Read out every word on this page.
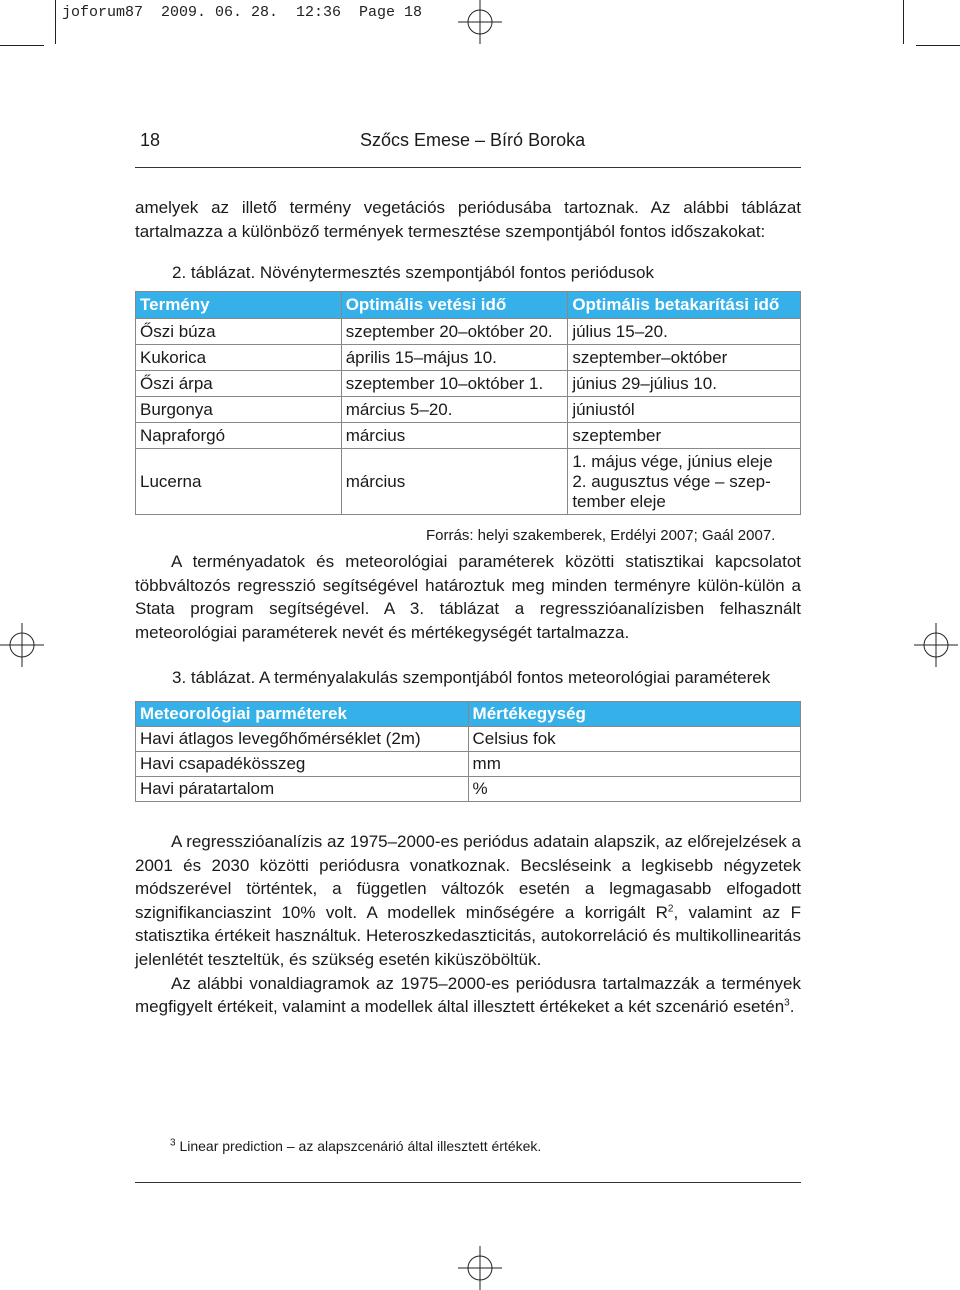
joforum87  2009. 06. 28.  12:36  Page 18
18	Szőcs Emese – Bíró Boroka

amelyek az illető termény vegetációs periódusába tartoznak. Az alábbi táblázat tartalmazza a különböző termények termesztése szempontjából fontos időszakokat:

2. táblázat. Növénytermesztés szempontjából fontos periódusok
Termény	Optimális vetési idő	Optimális betakarítási idő
Őszi búza	szeptember 20–október 20.	július 15–20.
Kukorica	április 15–május 10.	szeptember–október
Őszi árpa	szeptember 10–október 1.	június 29–július 10.
Burgonya	március 5–20.	júniustól
Napraforgó	március	szeptember
Lucerna	március	1. május vége, június eleje
2. augusztus vége – szep-
tember eleje
Forrás: helyi szakemberek, Erdélyi 2007; Gaál 2007.

A terményadatok és meteorológiai paraméterek közötti statisztikai kapcsolatot többváltozós regresszió segítségével határoztuk meg minden terményre külön-külön a Stata program segítségével. A 3. táblázat a regresszióanalízisben felhasznált meteorológiai paraméterek nevét és mértékegységét tartalmazza.

3. táblázat. A terményalakulás szempontjából fontos meteorológiai paraméterek
Meteorológiai parméterek	Mértékegység
Havi átlagos levegőhőmérséklet (2m)	Celsius fok
Havi csapadékösszeg	mm
Havi páratartalom	%

A regresszióanalízis az 1975–2000-es periódus adatain alapszik, az előrejelzések a 2001 és 2030 közötti periódusra vonatkoznak. Becsléseink a legkisebb négyzetek módszerével történtek, a független változók esetén a legmagasabb elfogadott szignifikanciaszint 10% volt. A modellek minőségére a korrigált $R^2$, valamint az F statisztika értékeit használtuk. Heteroszkedaszticitás, autokorreláció és multikollinearitás jelenlétét teszteltük, és szükség esetén kiküszöböltük.

Az alábbi vonaldiagramok az 1975–2000-es periódusra tartalmazzák a termények megfigyelt értékeit, valamint a modellek által illesztett értékeket a két szcenárió esetén$^3$.

$^3$ Linear prediction – az alapszcenárió által illesztett értékek.
